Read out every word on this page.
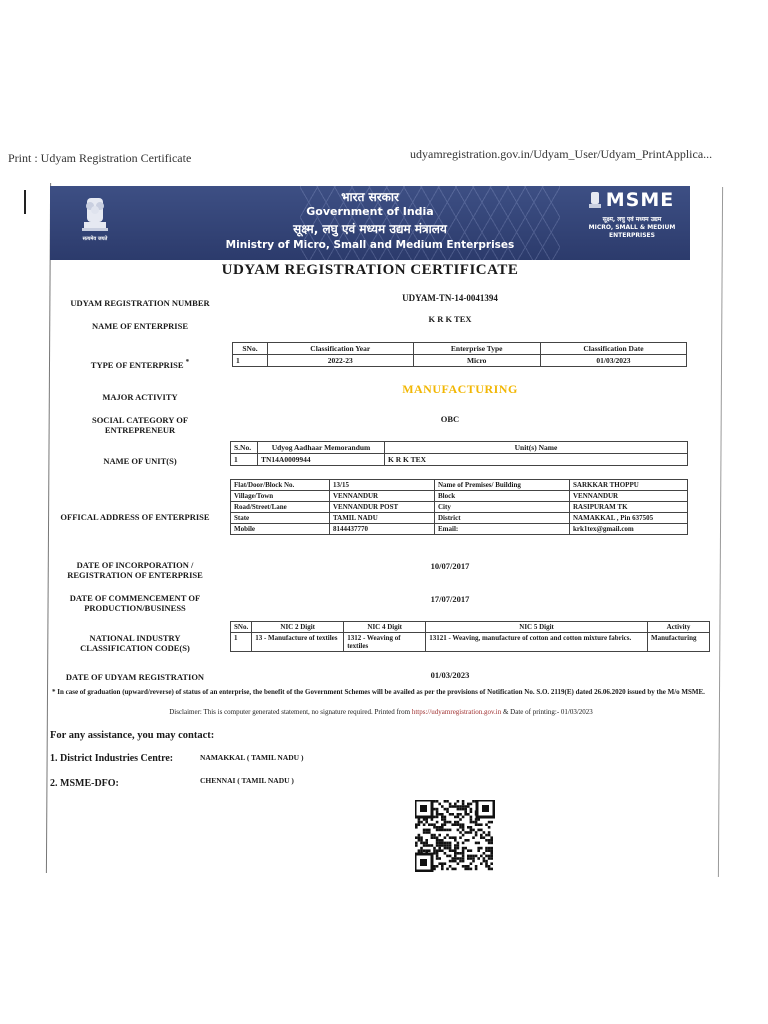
Print : Udyam Registration Certificate	udyamregistration.gov.in/Udyam_User/Udyam_PrintApplica...
सत्यमेव जयते
भारत सरकार
Government of India
सूक्ष्म, लघु एवं मध्यम उद्यम मंत्रालय
Ministry of Micro, Small and Medium Enterprises
MSME
सूक्ष्म, लघु एवं मध्यम उद्यम
MICRO, SMALL & MEDIUM ENTERPRISES
UDYAM REGISTRATION CERTIFICATE
UDYAM REGISTRATION NUMBER	UDYAM-TN-14-0041394
NAME OF ENTERPRISE
K R K TEX
TYPE OF ENTERPRISE *
SNo.	Classification Year	Enterprise Type	Classification Date
1	2022-23	Micro	01/03/2023
MAJOR ACTIVITY
MANUFACTURING
SOCIAL CATEGORY OF ENTREPRENEUR
OBC
NAME OF UNIT(S)
S.No.	Udyog Aadhaar Memorandum	Unit(s) Name
1	TN14A0009944	K R K TEX
OFFICAL ADDRESS OF ENTERPRISE
Flat/Door/Block No.	13/15	Name of Premises/ Building	SARKKAR THOPPU
Village/Town	VENNANDUR	Block	VENNANDUR
Road/Street/Lane	VENNANDUR POST	City	RASIPURAM TK
State	TAMIL NADU	District	NAMAKKAL , Pin 637505
Mobile	8144437770	Email:	krk1tex@gmail.com
DATE OF INCORPORATION / REGISTRATION OF ENTERPRISE
10/07/2017
DATE OF COMMENCEMENT OF PRODUCTION/BUSINESS
17/07/2017
NATIONAL INDUSTRY CLASSIFICATION CODE(S)
SNo.	NIC 2 Digit	NIC 4 Digit	NIC 5 Digit	Activity
1	13 - Manufacture of textiles	1312 - Weaving of textiles	13121 - Weaving, manufacture of cotton and cotton mixture fabrics.	Manufacturing
DATE OF UDYAM REGISTRATION	01/03/2023
* In case of graduation (upward/reverse) of status of an enterprise, the benefit of the Government Schemes will be availed as per the provisions of Notification No. S.O. 2119(E) dated 26.06.2020 issued by the M/o MSME.
Disclaimer: This is computer generated statement, no signature required. Printed from https://udyamregistration.gov.in & Date of printing:- 01/03/2023
For any assistance, you may contact:
1. District Industries Centre:	NAMAKKAL ( TAMIL NADU )
2. MSME-DFO:	CHENNAI ( TAMIL NADU )
